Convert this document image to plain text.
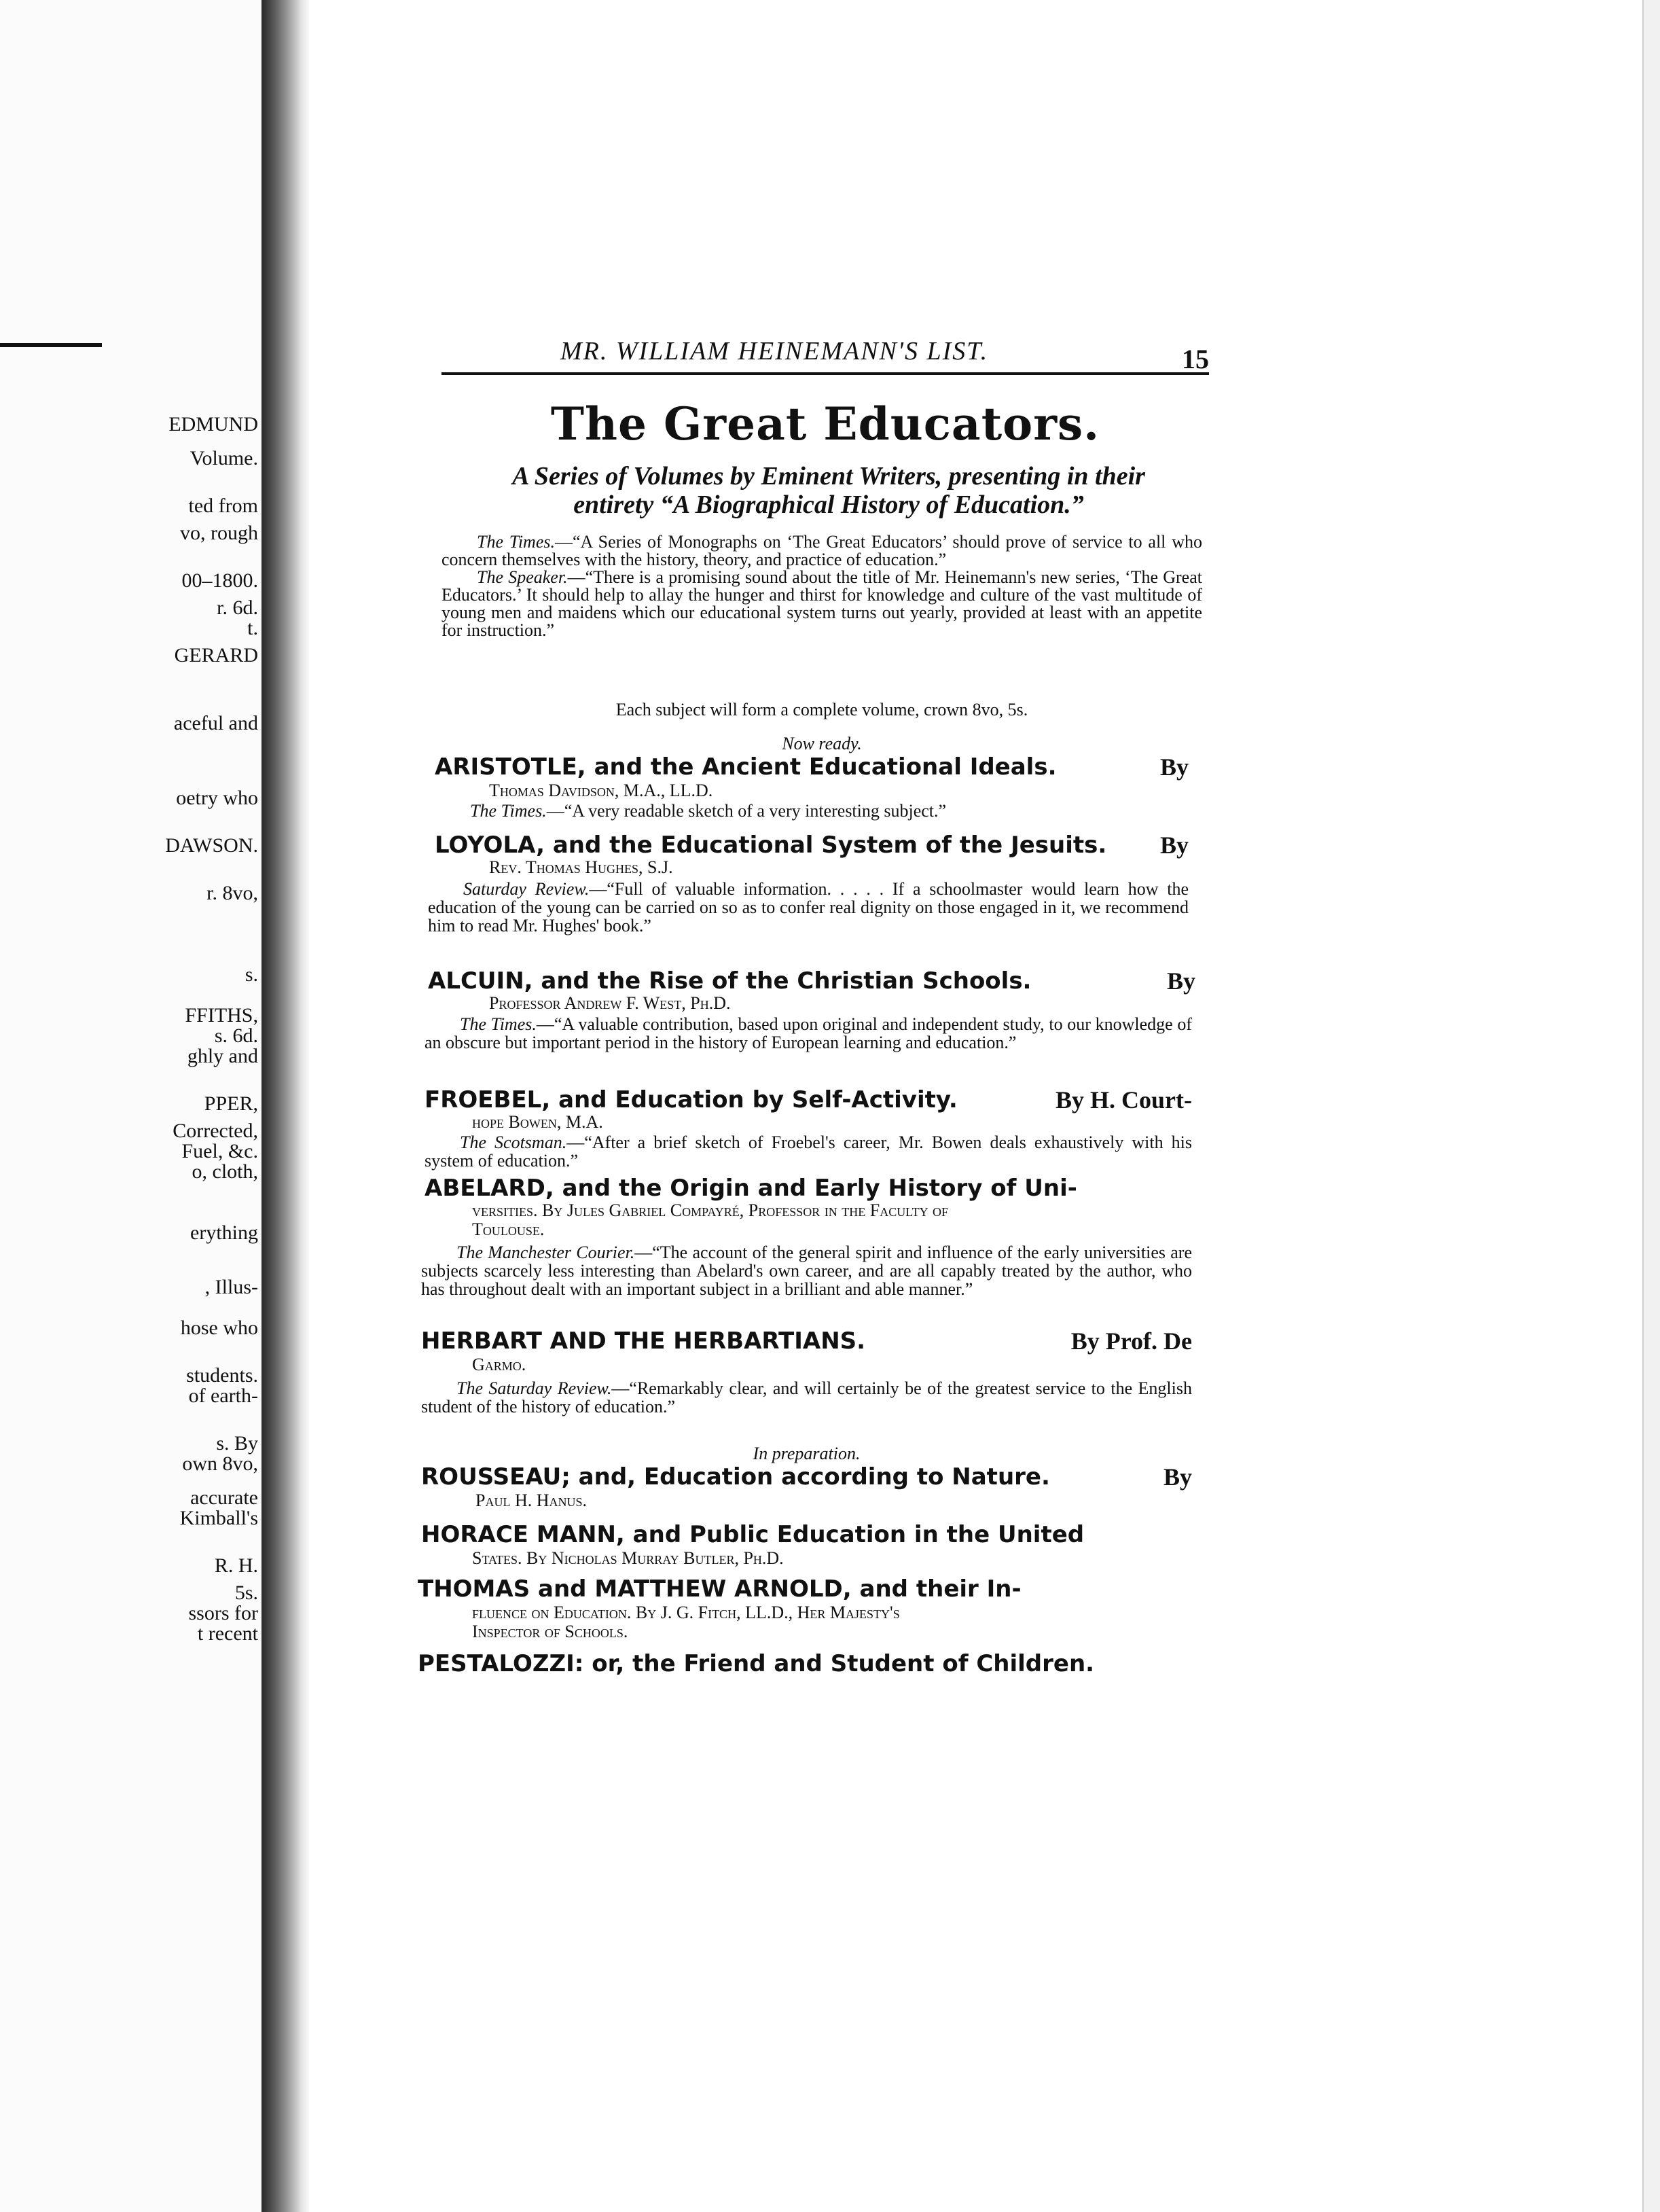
EDMUND
Volume.
ted from
vo, rough
00–1800.
r. 6d.
t.
GERARD
aceful and
oetry who
DAWSON.
r. 8vo,
s.
FFITHS,
s. 6d.
ghly and
PPER,
Corrected,
Fuel, &c.
o, cloth,
erything
, Illus-
hose who
students.
of earth-
s. By
own 8vo,
accurate
Kimball's
R. H.
5s.
ssors for
t recent
MR. WILLIAM HEINEMANN'S LIST.	15
The Great Educators.
A Series of Volumes by Eminent Writers, presenting in their
entirety “A Biographical History of Education.”

The Times.—“A Series of Monographs on ‘The Great Educators’ should prove of service to all who concern themselves with the history, theory, and practice of education.”

The Speaker.—“There is a promising sound about the title of Mr. Heinemann's new series, ‘The Great Educators.’ It should help to allay the hunger and thirst for knowledge and culture of the vast multitude of young men and maidens which our educational system turns out yearly, provided at least with an appetite for instruction.”

Each subject will form a complete volume, crown 8vo, 5s.
Now ready.
ARISTOTLE, and the Ancient Educational Ideals.	By
Thomas Davidson, M.A., LL.D.

The Times.—“A very readable sketch of a very interesting subject.”

LOYOLA, and the Educational System of the Jesuits. By
Rev. Thomas Hughes, S.J.

Saturday Review.—“Full of valuable information. . . . . If a schoolmaster would learn how the education of the young can be carried on so as to confer real dignity on those engaged in it, we recommend him to read Mr. Hughes' book.”

ALCUIN, and the Rise of the Christian Schools.	By
Professor Andrew F. West, Ph.D.

The Times.—“A valuable contribution, based upon original and independent study, to our knowledge of an obscure but important period in the history of European learning and education.”

FROEBEL, and Education by Self-Activity.	By H. Court-
hope Bowen, M.A.

The Scotsman.—“After a brief sketch of Froebel's career, Mr. Bowen deals exhaustively with his system of education.”

ABELARD, and the Origin and Early History of Uni-
versities. By Jules Gabriel Compayré, Professor in the Faculty of
Toulouse.

The Manchester Courier.—“The account of the general spirit and influence of the early universities are subjects scarcely less interesting than Abelard's own career, and are all capably treated by the author, who has throughout dealt with an important subject in a brilliant and able manner.”

HERBART AND THE HERBARTIANS.	By Prof. De
Garmo.

The Saturday Review.—“Remarkably clear, and will certainly be of the greatest service to the English student of the history of education.”

In preparation.
ROUSSEAU; and, Education according to Nature.	By
Paul H. Hanus.
HORACE MANN, and Public Education in the United
States. By Nicholas Murray Butler, Ph.D.
THOMAS and MATTHEW ARNOLD, and their In-
fluence on Education. By J. G. Fitch, LL.D., Her Majesty's
Inspector of Schools.
PESTALOZZI: or, the Friend and Student of Children.
